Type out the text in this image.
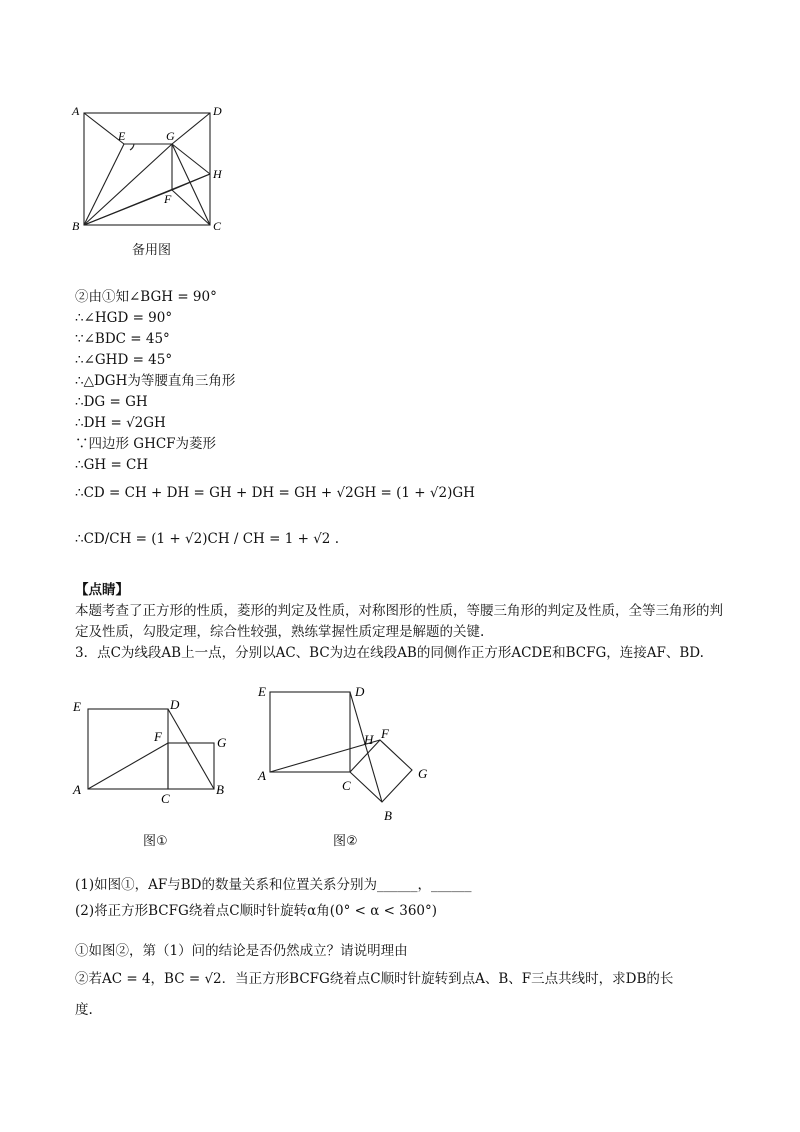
A	D
E	G
H
F
B	C
备用图
②由①知∠BGH = 90°
∴∠HGD = 90°
∵∠BDC = 45°
∴∠GHD = 45°
∴△DGH为等腰直角三角形
∴DG = GH
∴DH = √2GH
∵四边形 GHCF为菱形
∴GH = CH
∴CD = CH + DH = GH + DH = GH + √2GH = (1 + √2)GH
∴CD/CH = (1 + √2)CH / CH = 1 + √2 .
【点睛】
本题考查了正方形的性质，菱形的判定及性质，对称图形的性质，等腰三角形的判定及性质，全等三角形的判定及性质，勾股定理，综合性较强，熟练掌握性质定理是解题的关键.
3．点C为线段AB上一点，分别以AC、BC为边在线段AB的同侧作正方形ACDE和BCFG，连接AF、BD.
E	D
F	G
A
C
B
图①
E	D
H F
A
C
G
B
图②
(1)如图①，AF与BD的数量关系和位置关系分别为______，______
(2)将正方形BCFG绕着点C顺时针旋转α角(0° < α < 360°)
①如图②，第（1）问的结论是否仍然成立？请说明理由
②若AC = 4，BC = √2．当正方形BCFG绕着点C顺时针旋转到点A、B、F三点共线时，求DB的长
度.
